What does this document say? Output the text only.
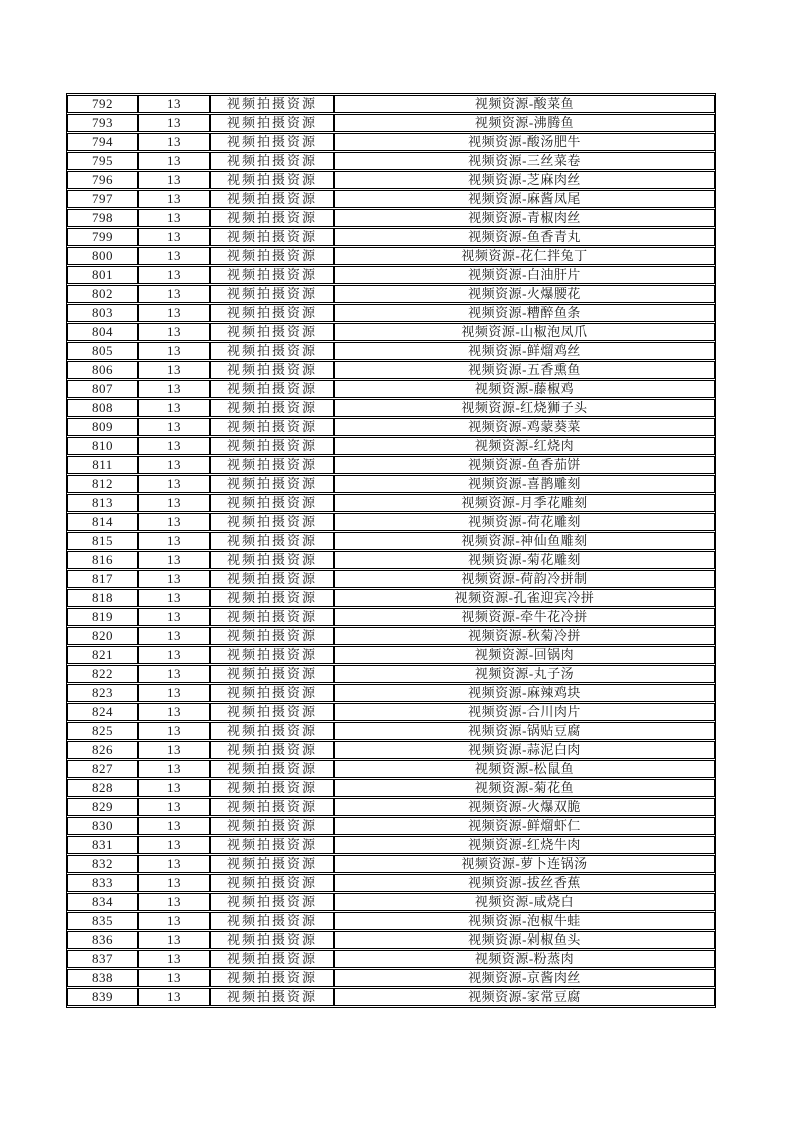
792	13	视频拍摄资源	视频资源-酸菜鱼
793	13	视频拍摄资源	视频资源-沸腾鱼
794	13	视频拍摄资源	视频资源-酸汤肥牛
795	13	视频拍摄资源	视频资源-三丝菜卷
796	13	视频拍摄资源	视频资源-芝麻肉丝
797	13	视频拍摄资源	视频资源-麻酱凤尾
798	13	视频拍摄资源	视频资源-青椒肉丝
799	13	视频拍摄资源	视频资源-鱼香青丸
800	13	视频拍摄资源	视频资源-花仁拌兔丁
801	13	视频拍摄资源	视频资源-白油肝片
802	13	视频拍摄资源	视频资源-火爆腰花
803	13	视频拍摄资源	视频资源-糟醉鱼条
804	13	视频拍摄资源	视频资源-山椒泡凤爪
805	13	视频拍摄资源	视频资源-鲜熘鸡丝
806	13	视频拍摄资源	视频资源-五香熏鱼
807	13	视频拍摄资源	视频资源-藤椒鸡
808	13	视频拍摄资源	视频资源-红烧狮子头
809	13	视频拍摄资源	视频资源-鸡蒙葵菜
810	13	视频拍摄资源	视频资源-红烧肉
811	13	视频拍摄资源	视频资源-鱼香茄饼
812	13	视频拍摄资源	视频资源-喜鹊雕刻
813	13	视频拍摄资源	视频资源-月季花雕刻
814	13	视频拍摄资源	视频资源-荷花雕刻
815	13	视频拍摄资源	视频资源-神仙鱼雕刻
816	13	视频拍摄资源	视频资源-菊花雕刻
817	13	视频拍摄资源	视频资源-荷韵冷拼制
818	13	视频拍摄资源	视频资源-孔雀迎宾冷拼
819	13	视频拍摄资源	视频资源-牵牛花冷拼
820	13	视频拍摄资源	视频资源-秋菊冷拼
821	13	视频拍摄资源	视频资源-回锅肉
822	13	视频拍摄资源	视频资源-丸子汤
823	13	视频拍摄资源	视频资源-麻辣鸡块
824	13	视频拍摄资源	视频资源-合川肉片
825	13	视频拍摄资源	视频资源-锅贴豆腐
826	13	视频拍摄资源	视频资源-蒜泥白肉
827	13	视频拍摄资源	视频资源-松鼠鱼
828	13	视频拍摄资源	视频资源-菊花鱼
829	13	视频拍摄资源	视频资源-火爆双脆
830	13	视频拍摄资源	视频资源-鲜熘虾仁
831	13	视频拍摄资源	视频资源-红烧牛肉
832	13	视频拍摄资源	视频资源-萝卜连锅汤
833	13	视频拍摄资源	视频资源-拔丝香蕉
834	13	视频拍摄资源	视频资源-咸烧白
835	13	视频拍摄资源	视频资源-泡椒牛蛙
836	13	视频拍摄资源	视频资源-剁椒鱼头
837	13	视频拍摄资源	视频资源-粉蒸肉
838	13	视频拍摄资源	视频资源-京酱肉丝
839	13	视频拍摄资源	视频资源-家常豆腐
